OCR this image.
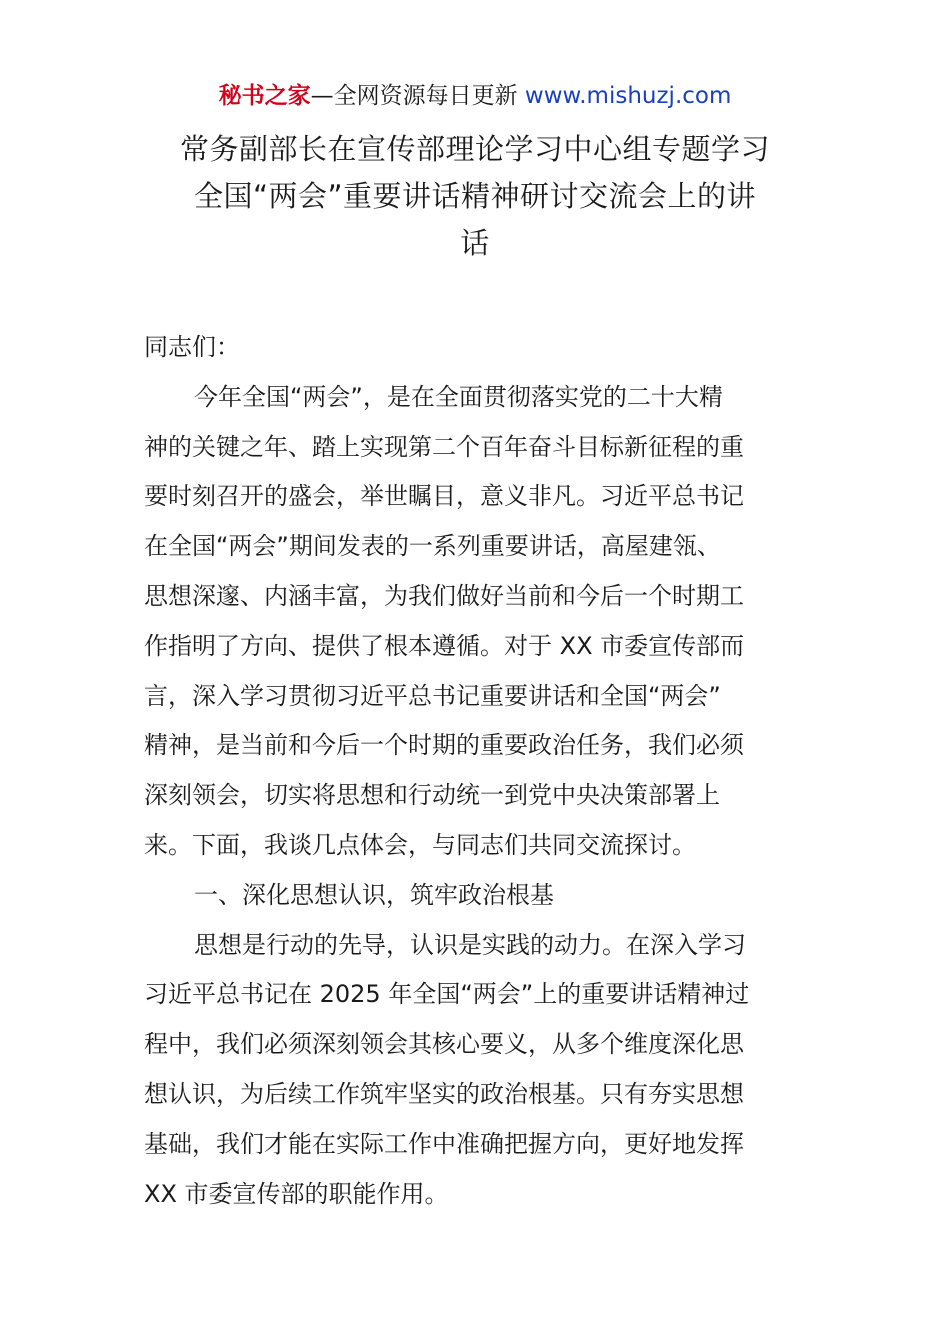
秘书之家—全网资源每日更新 www.mishuzj.com
常务副部长在宣传部理论学习中心组专题学习
全国“两会”重要讲话精神研讨交流会上的讲
话
同志们：
今年全国“两会”，是在全面贯彻落实党的二十大精
神的关键之年、踏上实现第二个百年奋斗目标新征程的重
要时刻召开的盛会，举世瞩目，意义非凡。习近平总书记
在全国“两会”期间发表的一系列重要讲话，高屋建瓴、
思想深邃、内涵丰富，为我们做好当前和今后一个时期工
作指明了方向、提供了根本遵循。对于 XX 市委宣传部而
言，深入学习贯彻习近平总书记重要讲话和全国“两会”
精神，是当前和今后一个时期的重要政治任务，我们必须
深刻领会，切实将思想和行动统一到党中央决策部署上
来。下面，我谈几点体会，与同志们共同交流探讨。
一、深化思想认识，筑牢政治根基
思想是行动的先导，认识是实践的动力。在深入学习
习近平总书记在 2025 年全国“两会”上的重要讲话精神过
程中，我们必须深刻领会其核心要义，从多个维度深化思
想认识，为后续工作筑牢坚实的政治根基。只有夯实思想
基础，我们才能在实际工作中准确把握方向，更好地发挥
XX 市委宣传部的职能作用。
